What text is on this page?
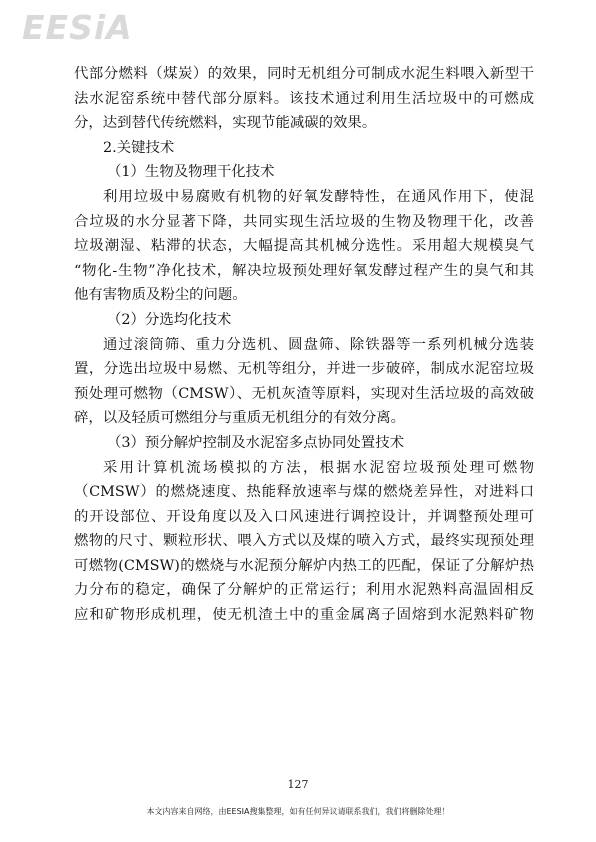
EESiA
代部分燃料（煤炭）的效果，同时无机组分可制成水泥生料喂入新型干
法水泥窑系统中替代部分原料。该技术通过利用生活垃圾中的可燃成
分，达到替代传统燃料，实现节能减碳的效果。
2.关键技术
（1）生物及物理干化技术
利用垃圾中易腐败有机物的好氧发酵特性，在通风作用下，使混
合垃圾的水分显著下降，共同实现生活垃圾的生物及物理干化，改善
垃圾潮湿、粘滞的状态，大幅提高其机械分选性。采用超大规模臭气
“物化-生物”净化技术，解决垃圾预处理好氧发酵过程产生的臭气和其
他有害物质及粉尘的问题。
（2）分选均化技术
通过滚筒筛、重力分选机、圆盘筛、除铁器等一系列机械分选装
置，分选出垃圾中易燃、无机等组分，并进一步破碎，制成水泥窑垃圾
预处理可燃物（CMSW）、无机灰渣等原料，实现对生活垃圾的高效破
碎，以及轻质可燃组分与重质无机组分的有效分离。
（3）预分解炉控制及水泥窑多点协同处置技术
采用计算机流场模拟的方法，根据水泥窑垃圾预处理可燃物
（CMSW）的燃烧速度、热能释放速率与煤的燃烧差异性，对进料口
的开设部位、开设角度以及入口风速进行调控设计，并调整预处理可
燃物的尺寸、颗粒形状、喂入方式以及煤的喷入方式，最终实现预处理
可燃物(CMSW)的燃烧与水泥预分解炉内热工的匹配，保证了分解炉热
力分布的稳定，确保了分解炉的正常运行；利用水泥熟料高温固相反
应和矿物形成机理，使无机渣土中的重金属离子固熔到水泥熟料矿物
127
本文内容来自网络，由EESIA搜集整理，如有任何异议请联系我们，我们将删除处理！
